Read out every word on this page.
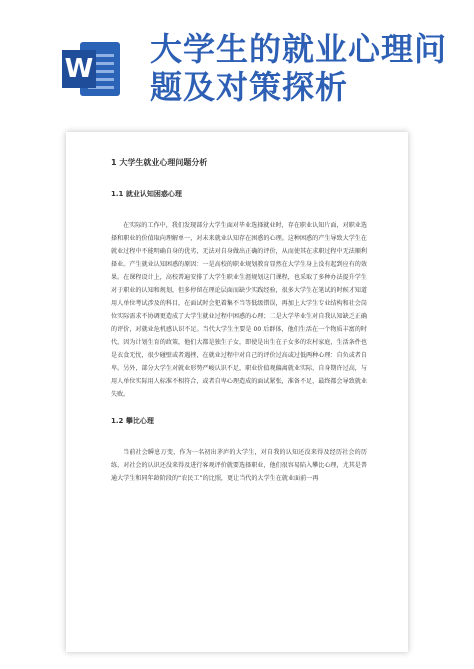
W
大学生的就业心理问题及对策探析
1 大学生就业心理问题分析
1.1 就业认知困惑心理

在实际的工作中，我们发现部分大学生面对毕业选择就业时，存在职业认知片面，对职业选择和职业的价值取向理解单一，对未来就业认知存在困惑的心理。这种困惑的产生导致大学生在就业过程中不能明确自身的优劣，无法对自身做出正确的评价，从而使其在求职过程中无法顺利择业。产生就业认知困惑的原因：一是高校的职业规划教育显然在大学生身上没有起到应有的效果。在课程设计上，高校普遍安排了大学生职业生涯规划这门课程，也采取了多种办法提升学生对于职业的认知和规划，但多停留在理论层面而缺少实践经验，很多大学生在笔试的时候才知道用人单位考试涉及的科目，在面试时会犯着集不当等低级错误，再加上大学生专业结构和社会岗位实际需求不协调更造成了大学生就业过程中困惑的心理；二是大学毕业生对自我认知缺乏正确的评价，对就业危机感认识不足。当代大学生主要是 00 后群体，他们生活在一个物质丰富的时代，因为计划生育的政策，他们大都是独生子女，即使是出生在子女多的农村家庭，生活条件也是衣食无忧，很少碰壁或者遇挫，在就业过程中对自己的评价过高或过低两种心理：自负或者自卑。另外，部分大学生对就业形势严峻认识不足，职业价值观偏离就业实际，自身期许过高，与用人单位实际用人标准不相符合，或者自卑心理造成的面试紧张，准备不足，最终都会导致就业失败。

1.2 攀比心理

当前社会瞬息万变，作为一名初出茅庐的大学生，对自我的认知还没来得及经历社会的历练，对社会的认识还没来得及进行客观评价就要选择职业，他们很容易陷入攀比心理，尤其是普通大学生和同年龄阶段的“农民工”的比照，更让当代的大学生在就业面前一再
